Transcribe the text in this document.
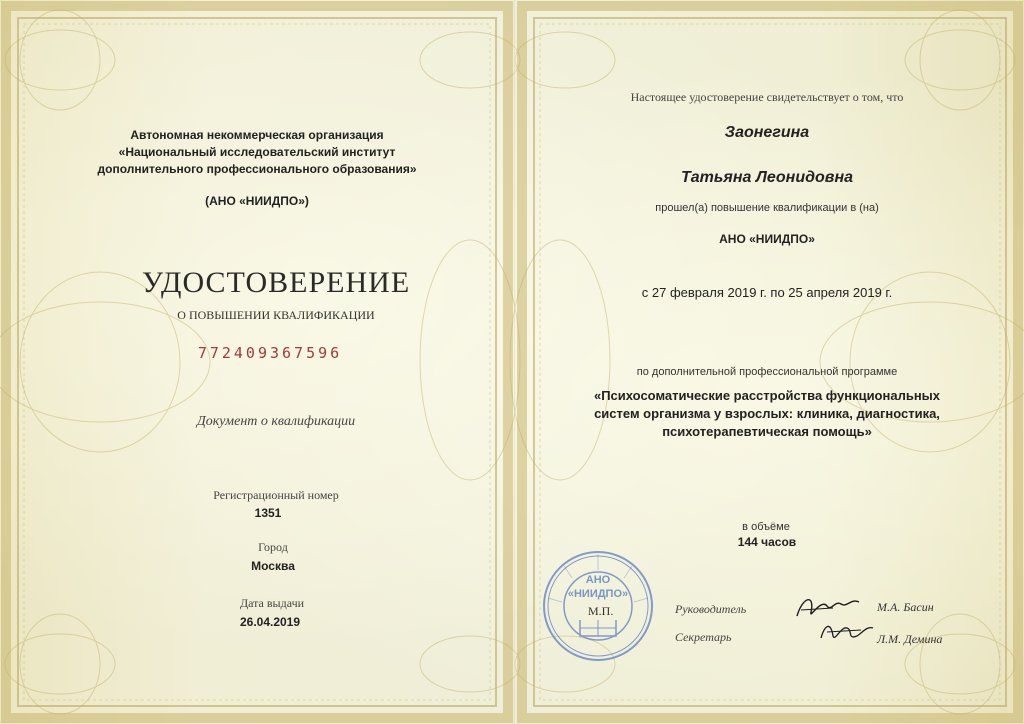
Автономная некоммерческая организация
«Национальный исследовательский институт
дополнительного профессионального образования»
(АНО «НИИДПО»)
УДОСТОВЕРЕНИЕ
О ПОВЫШЕНИИ КВАЛИФИКАЦИИ
772409367596
Документ о квалификации
Регистрационный номер
1351
Город
Москва
Дата выдачи
26.04.2019
Настоящее удостоверение свидетельствует о том, что
Заонегина
Татьяна Леонидовна
прошел(а) повышение квалификации в (на)
АНО «НИИДПО»
с 27 февраля 2019 г. по 25 апреля 2019 г.
по дополнительной профессиональной программе
«Психосоматические расстройства функциональных
систем организма у взрослых: клиника, диагностика,
психотерапевтическая помощь»
в объёме
144 часов
АНО
«НИИДПО»
М.П.	Руководитель	М.А. Басин
Секретарь	Л.М. Демина
